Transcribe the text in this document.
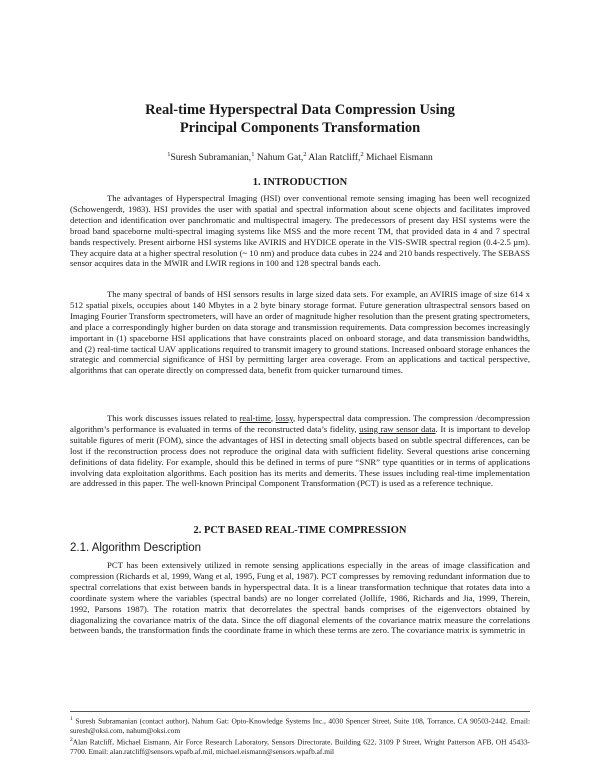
Real-time Hyperspectral Data Compression Using
Principal Components Transformation
$^1$Suresh Subramanian,$^1$ Nahum Gat,$^2$ Alan Ratcliff,$^2$ Michael Eismann
1. INTRODUCTION

The advantages of Hyperspectral Imaging (HSI) over conventional remote sensing imaging has been well recognized (Schowengerdt, 1983). HSI provides the user with spatial and spectral information about scene objects and facilitates improved detection and identification over panchromatic and multispectral imagery. The predecessors of present day HSI systems were the broad band spaceborne multi-spectral imaging systems like MSS and the more recent TM, that provided data in 4 and 7 spectral bands respectively. Present airborne HSI systems like AVIRIS and HYDICE operate in the VIS-SWIR spectral region (0.4-2.5 µm). They acquire data at a higher spectral resolution (~ 10 nm) and produce data cubes in 224 and 210 bands respectively. The SEBASS sensor acquires data in the MWIR and LWIR regions in 100 and 128 spectral bands each.

The many spectral of bands of HSI sensors results in large sized data sets. For example, an AVIRIS image of size 614 x 512 spatial pixels, occupies about 140 Mbytes in a 2 byte binary storage format. Future generation ultraspectral sensors based on Imaging Fourier Transform spectrometers, will have an order of magnitude higher resolution than the present grating spectrometers, and place a correspondingly higher burden on data storage and transmission requirements. Data compression becomes increasingly important in (1) spaceborne HSI applications that have constraints placed on onboard storage, and data transmission bandwidths, and (2) real-time tactical UAV applications required to transmit imagery to ground stations. Increased onboard storage enhances the strategic and commercial significance of HSI by permitting larger area coverage. From an applications and tactical perspective, algorithms that can operate directly on compressed data, benefit from quicker turnaround times.

This work discusses issues related to real-time, lossy, hyperspectral data compression. The compression /decompression algorithm’s performance is evaluated in terms of the reconstructed data’s fidelity, using raw sensor data. It is important to develop suitable figures of merit (FOM), since the advantages of HSI in detecting small objects based on subtle spectral differences, can be lost if the reconstruction process does not reproduce the original data with sufficient fidelity. Several questions arise concerning definitions of data fidelity. For example, should this be defined in terms of pure “SNR” type quantities or in terms of applications involving data exploitation algorithms. Each position has its merits and demerits. These issues including real-time implementation are addressed in this paper. The well-known Principal Component Transformation (PCT) is used as a reference technique.

2. PCT BASED REAL-TIME COMPRESSION
2.1. Algorithm Description

PCT has been extensively utilized in remote sensing applications especially in the areas of image classification and compression (Richards et al, 1999, Wang et al, 1995, Fung et al, 1987). PCT compresses by removing redundant information due to spectral correlations that exist between bands in hyperspectral data. It is a linear transformation technique that rotates data into a coordinate system where the variables (spectral bands) are no longer correlated (Jollife, 1986, Richards and Jia, 1999, Therein, 1992, Parsons 1987). The rotation matrix that decorrelates the spectral bands comprises of the eigenvectors obtained by diagonalizing the covariance matrix of the data. Since the off diagonal elements of the covariance matrix measure the correlations between bands, the transformation finds the coordinate frame in which these terms are zero. The covariance matrix is symmetric in

$^1$ Suresh Subramanian (contact author), Nahum Gat: Opto-Knowledge Systems Inc., 4030 Spencer Street, Suite 108, Torrance, CA 90503-2442. Email: suresh@oksi.com, nahum@oksi.com

$^2$Alan Ratcliff, Michael Eismann, Air Force Research Laboratory, Sensors Directorate, Building 622, 3109 P Street, Wright Patterson AFB, OH 45433-7700. Email: alan.ratcliff@sensors.wpafb.af.mil, michael.eismann@sensors.wpafb.af.mil
